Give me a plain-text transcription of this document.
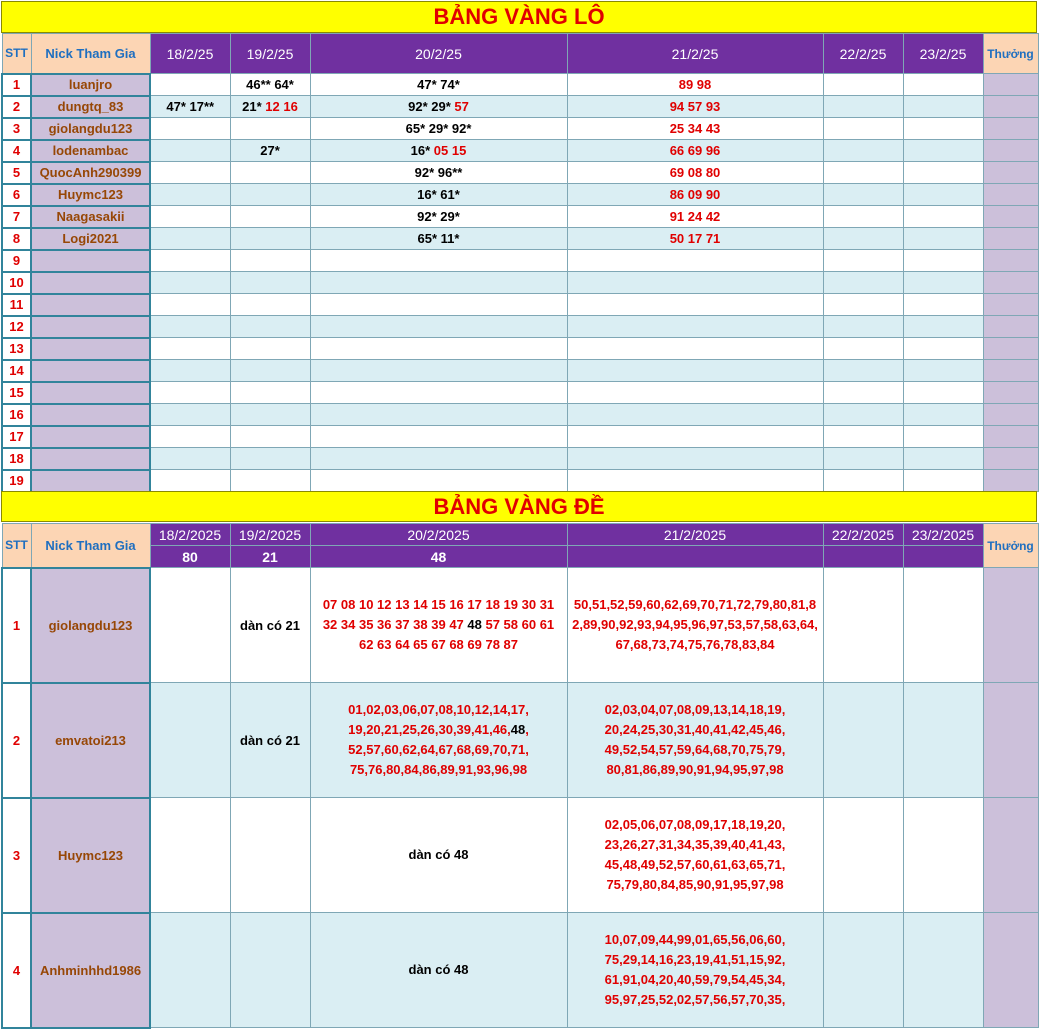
BẢNG VÀNG LÔ
STT	Nick Tham Gia	18/2/25	19/2/25	20/2/25	21/2/25	22/2/25	23/2/25	Thưởng
1	luanjro		46** 64*	47* 74*	89 98			
2	dungtq_83	47* 17**	21* 12 16	92* 29* 57	94 57 93			
3	giolangdu123			65* 29* 92*	25 34 43			
4	lodenambac		27*	16* 05 15	66 69 96			
5	QuocAnh290399			92* 96**	69 08 80			
6	Huymc123			16* 61*	86 09 90			
7	Naagasakii			92* 29*	91 24 42			
8	Logi2021			65* 11*	50 17 71			
9								
10								
11								
12								
13								
14								
15								
16								
17								
18								
19								
BẢNG VÀNG ĐỀ
STT	Nick Tham Gia	18/2/2025	19/2/2025	20/2/2025	21/2/2025	22/2/2025	23/2/2025	Thưởng
		80	21	48				
1	giolangdu123		dàn có 21	07 08 10 12 13 14 15 16 17 18 19 30 31 32 34 35 36 37 38 39 47 48 57 58 60 61 62 63 64 65 67 68 69 78 87	50,51,52,59,60,62,69,70,71,72,79,80,81,82,89,90,92,93,94,95,96,97,53,57,58,63,64,67,68,73,74,75,76,78,83,84			
2	emvatoi213		dàn có 21	01,02,03,06,07,08,10,12,14,17, 19,20,21,25,26,30,39,41,46,48, 52,57,60,62,64,67,68,69,70,71, 75,76,80,84,86,89,91,93,96,98	02,03,04,07,08,09,13,14,18,19, 20,24,25,30,31,40,41,42,45,46, 49,52,54,57,59,64,68,70,75,79, 80,81,86,89,90,91,94,95,97,98			
3	Huymc123			dàn có 48	02,05,06,07,08,09,17,18,19,20, 23,26,27,31,34,35,39,40,41,43, 45,48,49,52,57,60,61,63,65,71, 75,79,80,84,85,90,91,95,97,98			
4	Anhminhhd1986			dàn có 48	10,07,09,44,99,01,65,56,06,60, 75,29,14,16,23,19,41,51,15,92, 61,91,04,20,40,59,79,54,45,34, 95,97,25,52,02,57,56,57,70,35,			
